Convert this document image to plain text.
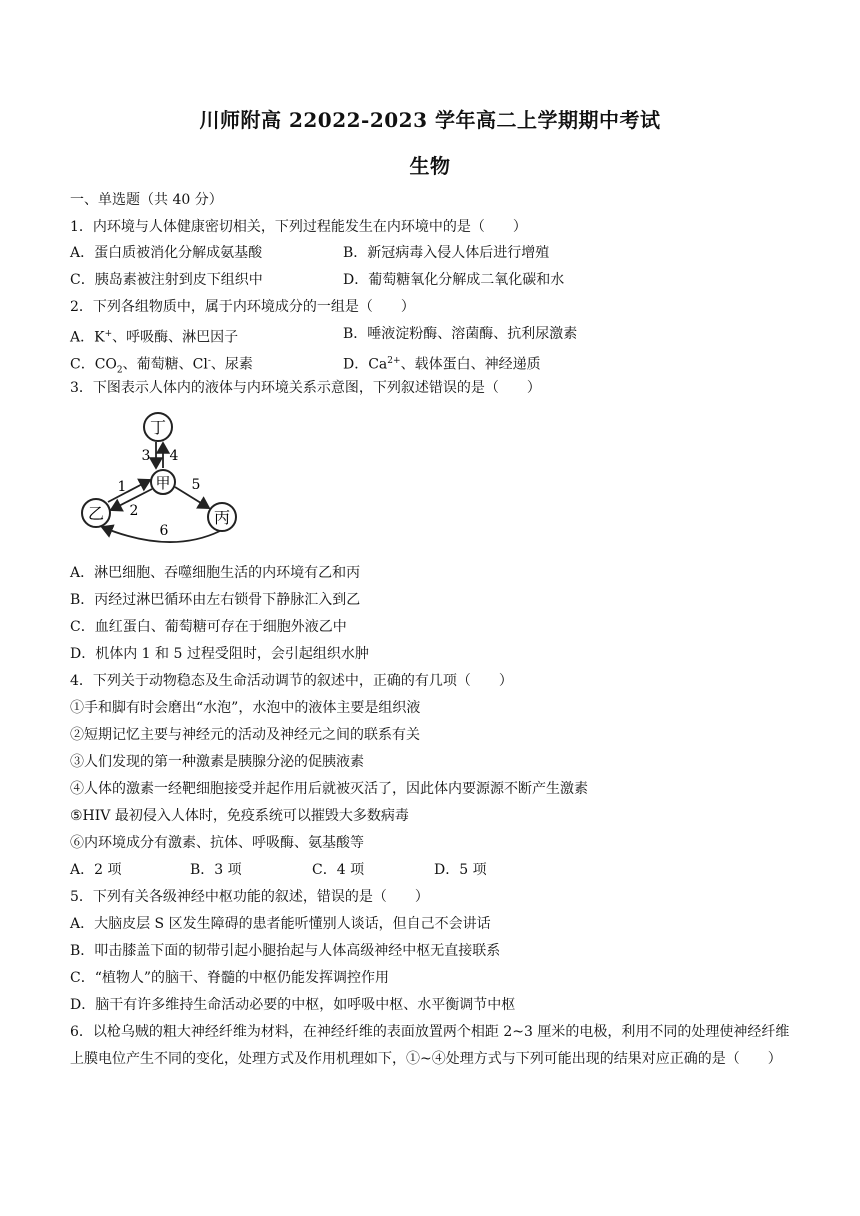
川师附高 22022-2023 学年高二上学期期中考试
生物
一、单选题（共 40 分）
1．内环境与人体健康密切相关，下列过程能发生在内环境中的是（　　）
A．蛋白质被消化分解成氨基酸	B．新冠病毒入侵人体后进行增殖
C．胰岛素被注射到皮下组织中	D．葡萄糖氧化分解成二氧化碳和水
2．下列各组物质中，属于内环境成分的一组是（　　）
A．K+、呼吸酶、淋巴因子	B．唾液淀粉酶、溶菌酶、抗利尿激素
C．$CO_2$、葡萄糖、Cl-、尿素	D．$Ca^{2+}$、载体蛋白、神经递质
3．下图表示人体内的液体与内环境关系示意图，下列叙述错误的是（　　）
丁
甲
乙	丙
3 4
1
2
5
6
A．淋巴细胞、吞噬细胞生活的内环境有乙和丙
B．丙经过淋巴循环由左右锁骨下静脉汇入到乙
C．血红蛋白、葡萄糖可存在于细胞外液乙中
D．机体内 1 和 5 过程受阻时，会引起组织水肿
4．下列关于动物稳态及生命活动调节的叙述中，正确的有几项（　　）
①手和脚有时会磨出“水泡”，水泡中的液体主要是组织液
②短期记忆主要与神经元的活动及神经元之间的联系有关
③人们发现的第一种激素是胰腺分泌的促胰液素
④人体的激素一经靶细胞接受并起作用后就被灭活了，因此体内要源源不断产生激素
⑤HIV 最初侵入人体时，免疫系统可以摧毁大多数病毒
⑥内环境成分有激素、抗体、呼吸酶、氨基酸等
A．2 项	B．3 项	C．4 项	D．5 项
5．下列有关各级神经中枢功能的叙述，错误的是（　　）
A．大脑皮层 S 区发生障碍的患者能听懂别人谈话，但自己不会讲话
B．叩击膝盖下面的韧带引起小腿抬起与人体高级神经中枢无直接联系
C．“植物人”的脑干、脊髓的中枢仍能发挥调控作用
D．脑干有许多维持生命活动必要的中枢，如呼吸中枢、水平衡调节中枢
6．以枪乌贼的粗大神经纤维为材料，在神经纤维的表面放置两个相距 2~3 厘米的电极，利用不同的处理使神经纤维上膜电位产生不同的变化，处理方式及作用机理如下，①~④处理方式与下列可能出现的结果对应正确的是（　　）
